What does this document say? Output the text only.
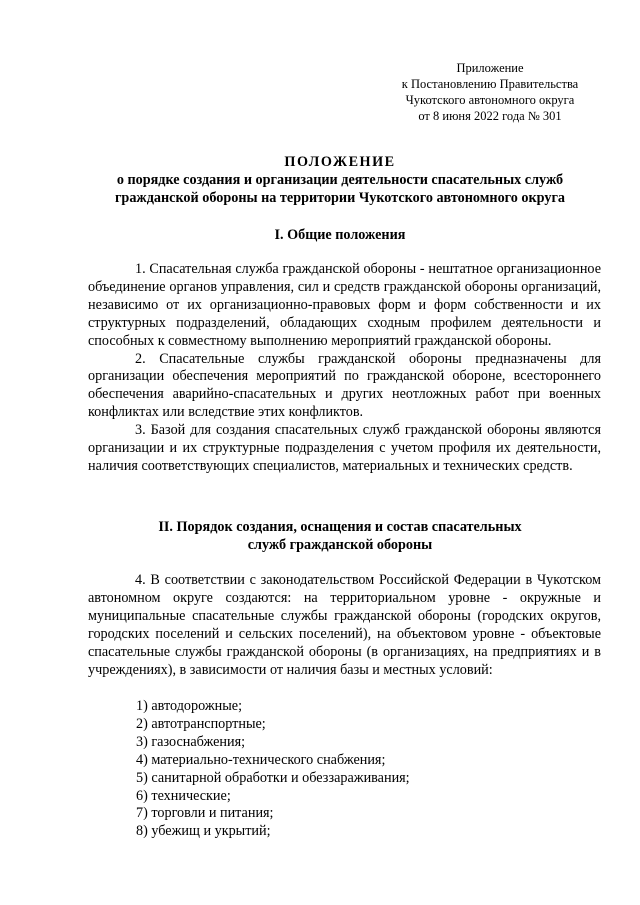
Приложение
к Постановлению Правительства
Чукотского автономного округа
от 8 июня 2022 года № 301
ПОЛОЖЕНИЕ
о порядке создания и организации деятельности спасательных служб
гражданской обороны на территории Чукотского автономного округа
I. Общие положения

1. Спасательная служба гражданской обороны - нештатное организационное объединение органов управления, сил и средств гражданской обороны организаций, независимо от их организационно-правовых форм и форм собственности и их структурных подразделений, обладающих сходным профилем деятельности и способных к совместному выполнению мероприятий гражданской обороны.

2. Спасательные службы гражданской обороны предназначены для организации обеспечения мероприятий по гражданской обороне, всестороннего обеспечения аварийно-спасательных и других неотложных работ при военных конфликтах или вследствие этих конфликтов.

3. Базой для создания спасательных служб гражданской обороны являются организации и их структурные подразделения с учетом профиля их деятельности, наличия соответствующих специалистов, материальных и технических средств.

II. Порядок создания, оснащения и состав спасательных
служб гражданской обороны

4. В соответствии с законодательством Российской Федерации в Чукотском автономном округе создаются: на территориальном уровне - окружные и муниципальные спасательные службы гражданской обороны (городских округов, городских поселений и сельских поселений), на объектовом уровне - объектовые спасательные службы гражданской обороны (в организациях, на предприятиях и в учреждениях), в зависимости от наличия базы и местных условий:

1) автодорожные;
2) автотранспортные;
3) газоснабжения;
4) материально-технического снабжения;
5) санитарной обработки и обеззараживания;
6) технические;
7) торговли и питания;
8) убежищ и укрытий;
